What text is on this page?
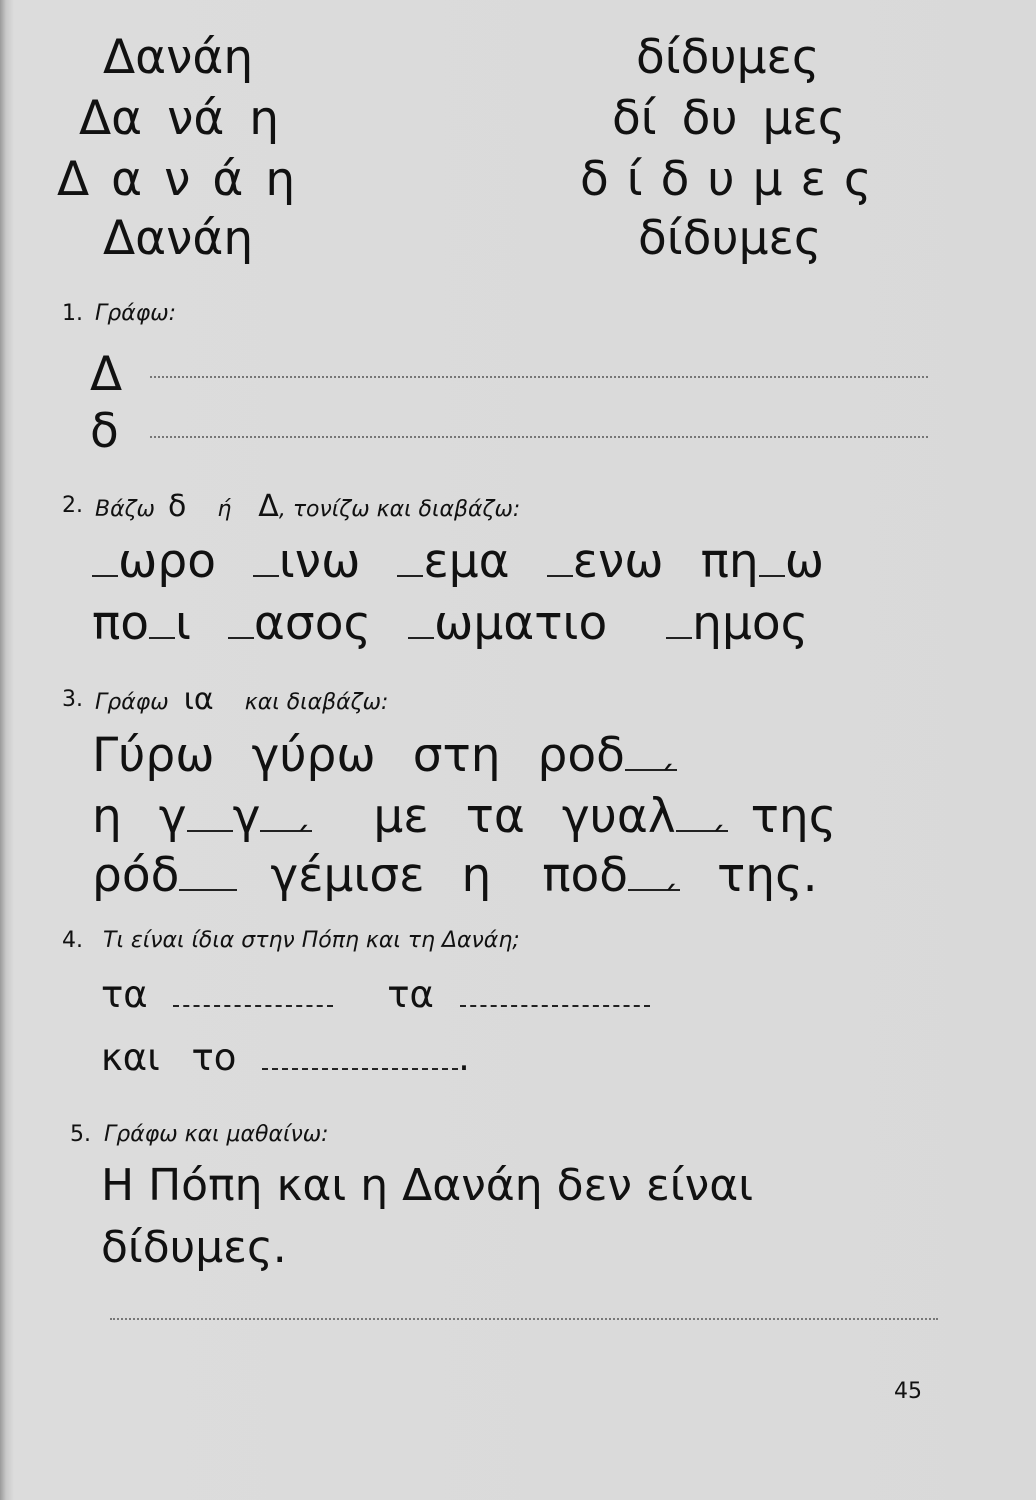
Δανάη
Δα νά η
Δανάη
Δανάη
δίδυμες
δί δυ μες
δίδυμες
δίδυμες
1. Γράφω:
Δ
δ
2. Βάζω δ ή Δ, τονίζω και διαβάζω:
ωρο ινω εμα ενω πη ω
πο ι ασος ωματιο ημος
3. Γράφω ια και διαβάζω:
Γύρω γύρω στη ροδ´
η γ γ ´ με τα γυαλ ´ της
ρόδ γέμισε η ποδ ´ της.
4. Τι είναι ίδια στην Πόπη και τη Δανάη;
τα	τα
και το	.
5. Γράφω και μαθαίνω:
Η Πόπη και η Δανάη δεν είναι
δίδυμες.
45
